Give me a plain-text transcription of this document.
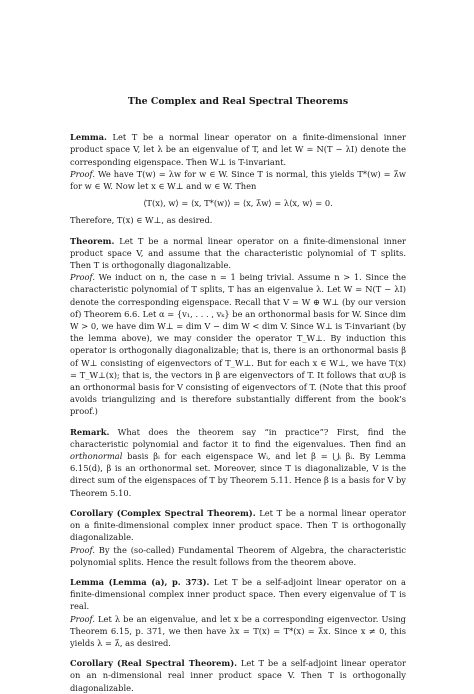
The Complex and Real Spectral Theorems

Lemma. Let T be a normal linear operator on a finite-dimensional inner product space V, let λ be an eigenvalue of T, and let W = N(T − λI) denote the corresponding eigenspace. Then W⊥ is T-invariant.

Proof. We have T(w) = λw for w ∈ W. Since T is normal, this yields T*(w) = λ̄w for w ∈ W. Now let x ∈ W⊥ and w ∈ W. Then

⟨T(x), w⟩ = ⟨x, T*(w)⟩ = ⟨x, λ̄w⟩ = λ⟨x, w⟩ = 0.

Therefore, T(x) ∈ W⊥, as desired.

Theorem. Let T be a normal linear operator on a finite-dimensional inner product space V, and assume that the characteristic polynomial of T splits. Then T is orthogonally diagonalizable.

Proof. We induct on n, the case n = 1 being trivial. Assume n > 1. Since the characteristic polynomial of T splits, T has an eigenvalue λ. Let W = N(T − λI) denote the corresponding eigenspace. Recall that V = W ⊕ W⊥ (by our version of) Theorem 6.6. Let α = {v₁, . . . , vₖ} be an orthonormal basis for W. Since dim W > 0, we have dim W⊥ = dim V − dim W < dim V. Since W⊥ is T-invariant (by the lemma above), we may consider the operator T_W⊥. By induction this operator is orthogonally diagonalizable; that is, there is an orthonormal basis β of W⊥ consisting of eigenvectors of T_W⊥. But for each x ∈ W⊥, we have T(x) = T_W⊥(x); that is, the vectors in β are eigenvectors of T. It follows that α∪β is an orthonormal basis for V consisting of eigenvectors of T. (Note that this proof avoids triangulizing and is therefore substantially different from the book’s proof.)

Remark. What does the theorem say “in practice”? First, find the characteristic polynomial and factor it to find the eigenvalues. Then find an orthonormal basis βᵢ for each eigenspace Wᵢ, and let β = ⋃ᵢ βᵢ. By Lemma 6.15(d), β is an orthonormal set. Moreover, since T is diagonalizable, V is the direct sum of the eigenspaces of T by Theorem 5.11. Hence β is a basis for V by Theorem 5.10.

Corollary (Complex Spectral Theorem). Let T be a normal linear operator on a finite-dimensional complex inner product space. Then T is orthogonally diagonalizable.

Proof. By the (so-called) Fundamental Theorem of Algebra, the characteristic polynomial splits. Hence the result follows from the theorem above.

Lemma (Lemma (a), p. 373). Let T be a self-adjoint linear operator on a finite-dimensional complex inner product space. Then every eigenvalue of T is real.

Proof. Let λ be an eigenvalue, and let x be a corresponding eigenvector. Using Theorem 6.15, p. 371, we then have λx = T(x) = T*(x) = λ̄x. Since x ≠ 0, this yields λ = λ̄, as desired.

Corollary (Real Spectral Theorem). Let T be a self-adjoint linear operator on an n-dimensional real inner product space V. Then T is orthogonally diagonalizable.
